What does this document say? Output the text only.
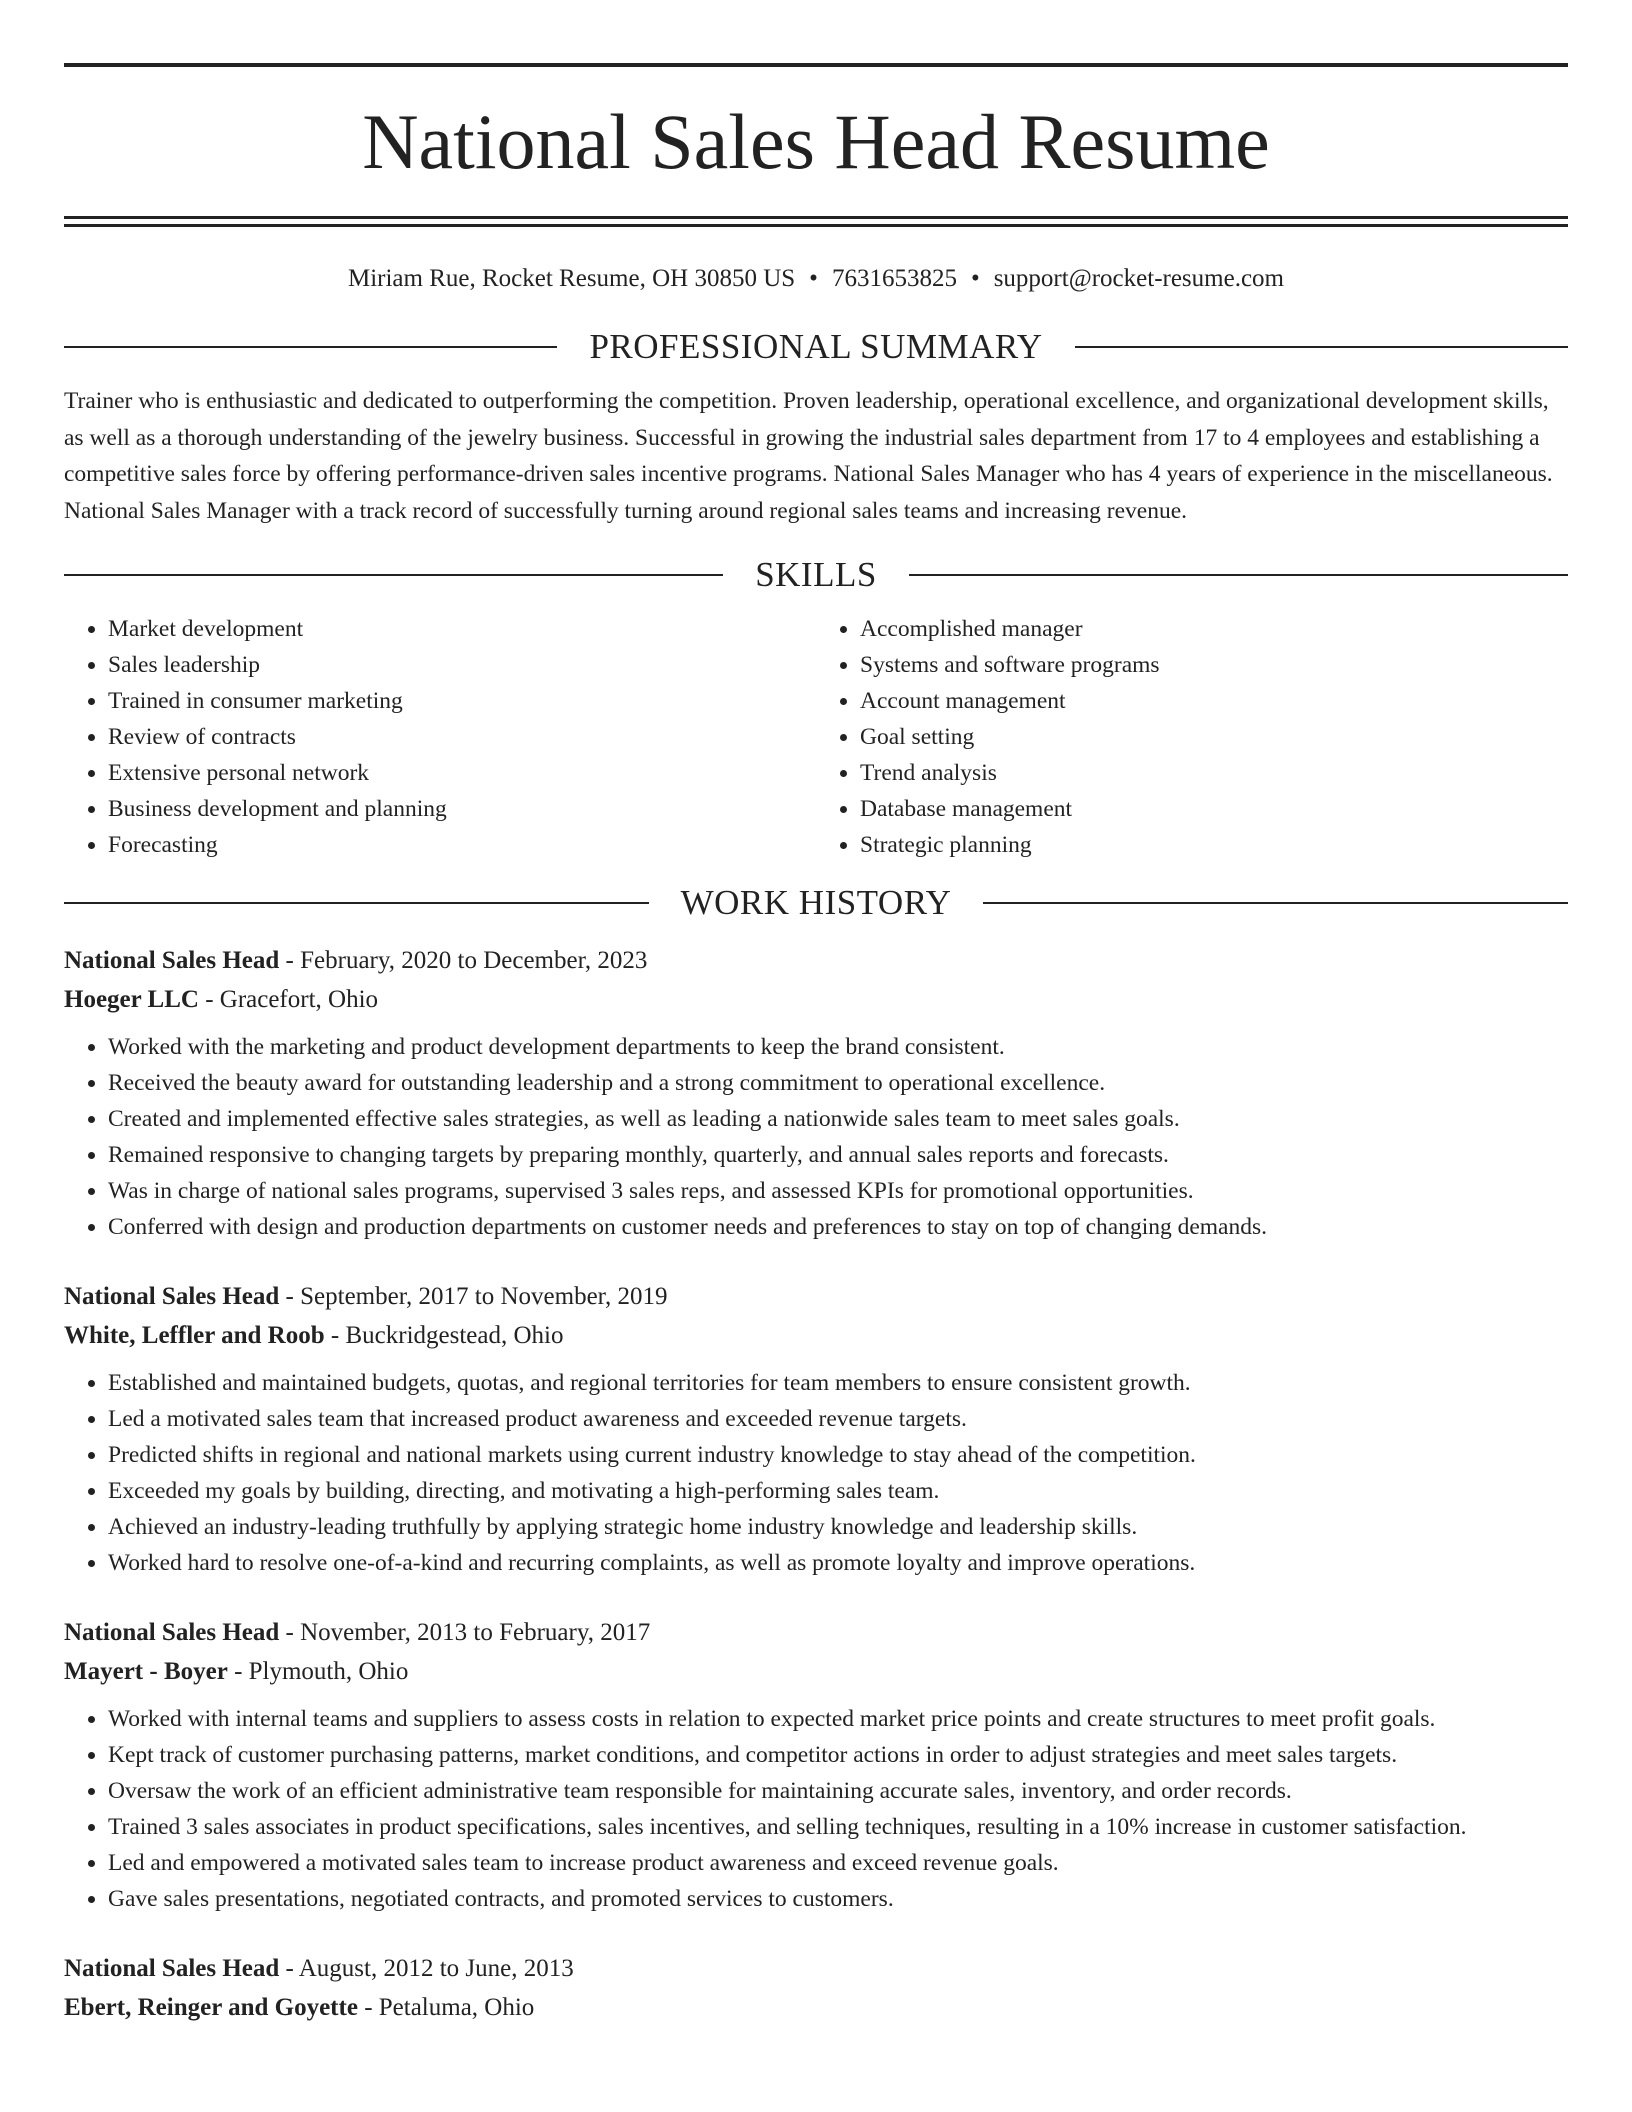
National Sales Head Resume
Miriam Rue, Rocket Resume, OH 30850 US • 7631653825 • support@rocket-resume.com
PROFESSIONAL SUMMARY
Trainer who is enthusiastic and dedicated to outperforming the competition. Proven leadership, operational excellence, and organizational development skills, as well as a thorough understanding of the jewelry business. Successful in growing the industrial sales department from 17 to 4 employees and establishing a competitive sales force by offering performance-driven sales incentive programs. National Sales Manager who has 4 years of experience in the miscellaneous. National Sales Manager with a track record of successfully turning around regional sales teams and increasing revenue.
SKILLS
• Market development
• Sales leadership
• Trained in consumer marketing
• Review of contracts
• Extensive personal network
• Business development and planning
• Forecasting
• Accomplished manager
• Systems and software programs
• Account management
• Goal setting
• Trend analysis
• Database management
• Strategic planning
WORK HISTORY
National Sales Head - February, 2020 to December, 2023
Hoeger LLC - Gracefort, Ohio
• Worked with the marketing and product development departments to keep the brand consistent.
• Received the beauty award for outstanding leadership and a strong commitment to operational excellence.
• Created and implemented effective sales strategies, as well as leading a nationwide sales team to meet sales goals.
• Remained responsive to changing targets by preparing monthly, quarterly, and annual sales reports and forecasts.
• Was in charge of national sales programs, supervised 3 sales reps, and assessed KPIs for promotional opportunities.
• Conferred with design and production departments on customer needs and preferences to stay on top of changing demands.
National Sales Head - September, 2017 to November, 2019
White, Leffler and Roob - Buckridgestead, Ohio
• Established and maintained budgets, quotas, and regional territories for team members to ensure consistent growth.
• Led a motivated sales team that increased product awareness and exceeded revenue targets.
• Predicted shifts in regional and national markets using current industry knowledge to stay ahead of the competition.
• Exceeded my goals by building, directing, and motivating a high-performing sales team.
• Achieved an industry-leading truthfully by applying strategic home industry knowledge and leadership skills.
• Worked hard to resolve one-of-a-kind and recurring complaints, as well as promote loyalty and improve operations.
National Sales Head - November, 2013 to February, 2017
Mayert - Boyer - Plymouth, Ohio
• Worked with internal teams and suppliers to assess costs in relation to expected market price points and create structures to meet profit goals.
• Kept track of customer purchasing patterns, market conditions, and competitor actions in order to adjust strategies and meet sales targets.
• Oversaw the work of an efficient administrative team responsible for maintaining accurate sales, inventory, and order records.
• Trained 3 sales associates in product specifications, sales incentives, and selling techniques, resulting in a 10% increase in customer satisfaction.
• Led and empowered a motivated sales team to increase product awareness and exceed revenue goals.
• Gave sales presentations, negotiated contracts, and promoted services to customers.
National Sales Head - August, 2012 to June, 2013
Ebert, Reinger and Goyette - Petaluma, Ohio
